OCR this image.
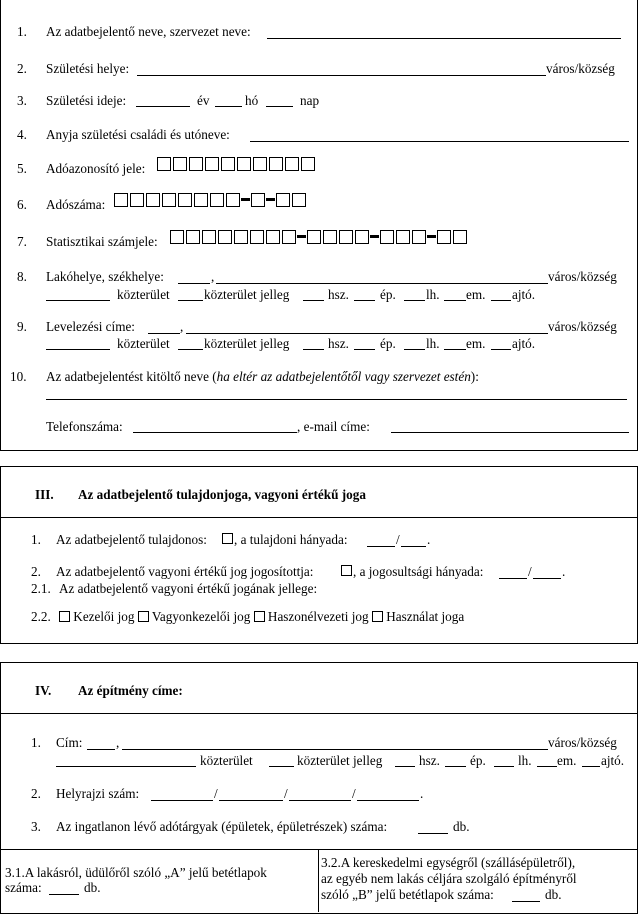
1. Az adatbejelentő neve, szervezet neve:
2. Születési helye:	város/község
3. Születési ideje:	év	hó	nap
4. Anyja születési családi és utóneve:
5. Adóazonosító jele:
6. Adószáma:
7. Statisztikai számjele:
8. Lakóhelye, székhelye:	,	város/község
közterület	közterület jelleg	hsz. ép. lh. em. ajtó.
9. Levelezési címe:	,	város/község
közterület	közterület jelleg	hsz. ép. lh. em. ajtó.
10. Az adatbejelentést kitöltő neve (ha eltér az adatbejelentőtől vagy szervezet estén):
Telefonszáma:	, e-mail címe:
III. Az adatbejelentő tulajdonjoga, vagyoni értékű joga
1. Az adatbejelentő tulajdonos: , a tulajdoni hányada:	/ .
2. Az adatbejelentő vagyoni értékű jog jogosítottja:	, a jogosultsági hányada:	/ .
2.1. Az adatbejelentő vagyoni értékű jogának jellege:
2.2.	Kezelői jog Vagyonkezelői jog Haszonélvezeti jog Használat joga
IV. Az építmény címe:
1. Cím:	,	város/község
közterület	közterület jelleg	hsz. ép. lh. em. ajtó.
2. Helyrajzi szám:	/	/	/	.
3. Az ingatlanon lévő adótárgyak (épületek, épületrészek) száma:	db.
3.1.A lakásról, üdülőről szóló „A” jelű betétlapok
száma:	db.
3.2.A kereskedelmi egységről (szállásépületről),
az egyéb nem lakás céljára szolgáló építményről
szóló „B” jelű betétlapok száma:	db.
